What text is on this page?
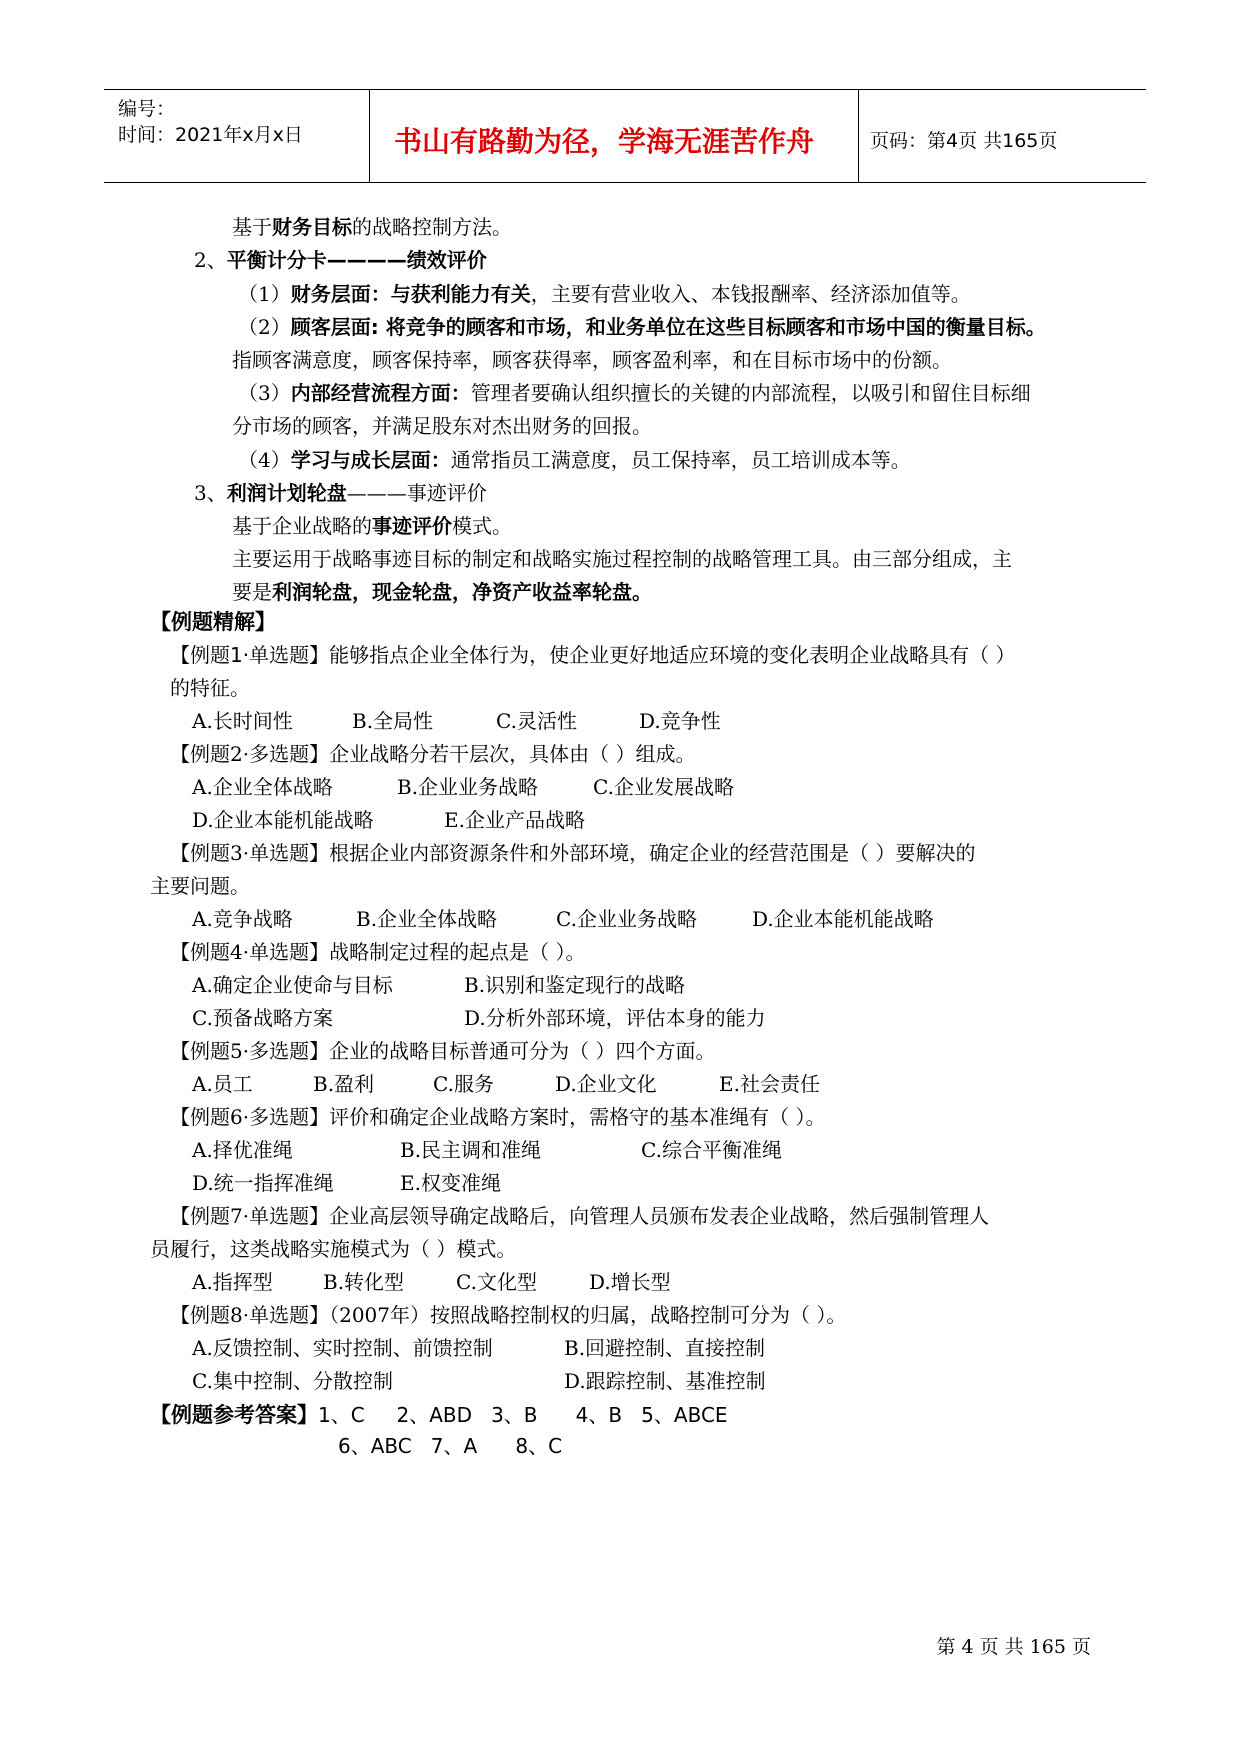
编号：
时间：2021年x月x日	书山有路勤为径，学海无涯苦作舟	页码：第4页 共165页
基于财务目标的战略控制方法。
2、平衡计分卡————绩效评价
（1）财务层面：与获利能力有关，主要有营业收入、本钱报酬率、经济添加值等。
（2）顾客层面: 将竞争的顾客和市场，和业务单位在这些目标顾客和市场中国的衡量目标。
指顾客满意度，顾客保持率，顾客获得率，顾客盈利率，和在目标市场中的份额。
（3）内部经营流程方面：管理者要确认组织擅长的关键的内部流程，以吸引和留住目标细
分市场的顾客，并满足股东对杰出财务的回报。
（4）学习与成长层面：通常指员工满意度，员工保持率，员工培训成本等。
3、利润计划轮盘———事迹评价
基于企业战略的事迹评价模式。
主要运用于战略事迹目标的制定和战略实施过程控制的战略管理工具。由三部分组成，主
要是利润轮盘，现金轮盘，净资产收益率轮盘。
【例题精解】
【例题1·单选题】能够指点企业全体行为，使企业更好地适应环境的变化表明企业战略具有（ ）
的特征。
A.长时间性	B.全局性	C.灵活性	D.竞争性
【例题2·多选题】企业战略分若干层次，具体由（ ）组成。
A.企业全体战略	B.企业业务战略	C.企业发展战略
D.企业本能机能战略	E.企业产品战略
【例题3·单选题】根据企业内部资源条件和外部环境，确定企业的经营范围是（ ）要解决的
主要问题。
A.竞争战略	B.企业全体战略	C.企业业务战略	D.企业本能机能战略
【例题4·单选题】战略制定过程的起点是（ ）。
A.确定企业使命与目标	B.识别和鉴定现行的战略
C.预备战略方案	D.分析外部环境，评估本身的能力
【例题5·多选题】企业的战略目标普通可分为（ ）四个方面。
A.员工	B.盈利	C.服务	D.企业文化	E.社会责任
【例题6·多选题】评价和确定企业战略方案时，需格守的基本准绳有（ ）。
A.择优准绳	B.民主调和准绳	C.综合平衡准绳
D.统一指挥准绳	E.权变准绳
【例题7·单选题】企业高层领导确定战略后，向管理人员颁布发表企业战略，然后强制管理人
员履行，这类战略实施模式为（ ）模式。
A.指挥型	B.转化型	C.文化型	D.增长型
【例题8·单选题】（2007年）按照战略控制权的归属，战略控制可分为（ ）。
A.反馈控制、实时控制、前馈控制	B.回避控制、直接控制
C.集中控制、分散控制	D.跟踪控制、基准控制
【例题参考答案】1、C     2、ABD   3、B      4、B   5、ABCE
6、ABC   7、A      8、C
第 4 页 共 165 页
